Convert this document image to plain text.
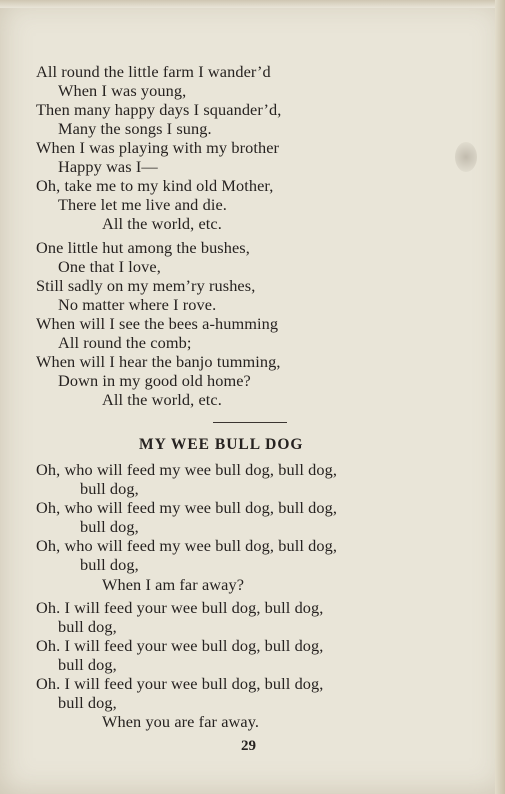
All round the little farm I wander’d
When I was young,
Then many happy days I squander’d,
Many the songs I sung.
When I was playing with my brother
Happy was I—
Oh, take me to my kind old Mother,
There let me live and die.
All the world, etc.
One little hut among the bushes,
One that I love,
Still sadly on my mem’ry rushes,
No matter where I rove.
When will I see the bees a-humming
All round the comb;
When will I hear the banjo tumming,
Down in my good old home?
All the world, etc.
MY WEE BULL DOG
Oh, who will feed my wee bull dog, bull dog,
bull dog,
Oh, who will feed my wee bull dog, bull dog,
bull dog,
Oh, who will feed my wee bull dog, bull dog,
bull dog,
When I am far away?
Oh. I will feed your wee bull dog, bull dog,
bull dog,
Oh. I will feed your wee bull dog, bull dog,
bull dog,
Oh. I will feed your wee bull dog, bull dog,
bull dog,
When you are far away.
29
